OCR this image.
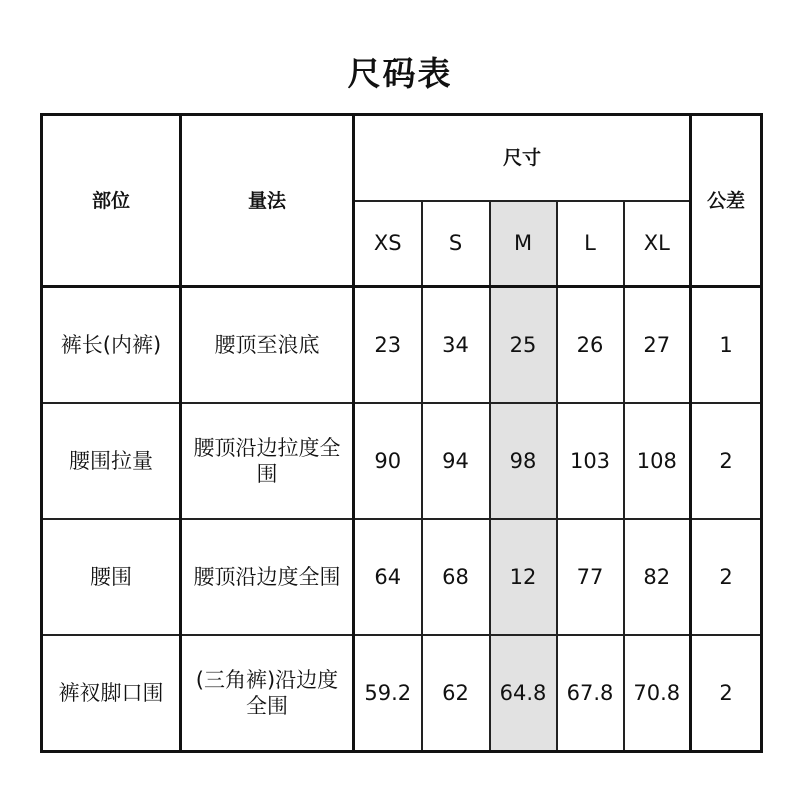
尺码表
部位	量法	尺寸					公差
		XS	S	M	L	XL	
裤长(内裤)	腰顶至浪底	23	34	25	26	27	1
腰围拉量	腰顶沿边拉度全围	90	94	98	103	108	2
腰围	腰顶沿边度全围	64	68	12	77	82	2
裤衩脚口围	(三角裤)沿边度全围	59.2	62	64.8	67.8	70.8	2
